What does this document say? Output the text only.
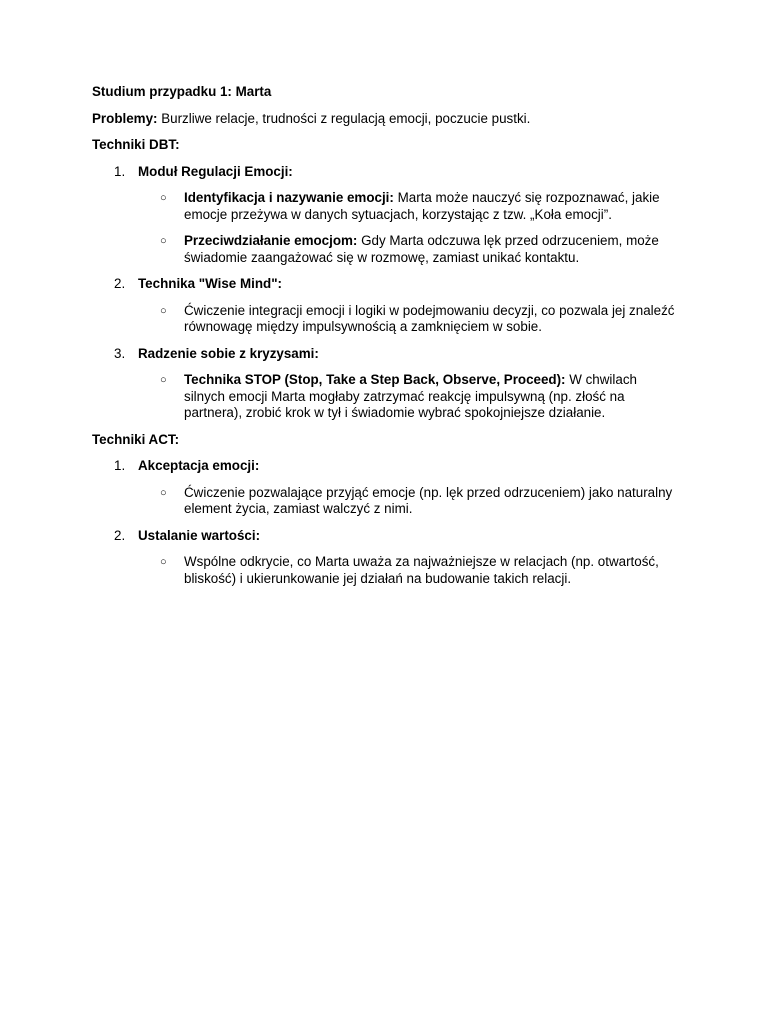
Studium przypadku 1: Marta

Problemy: Burzliwe relacje, trudności z regulacją emocji, poczucie pustki.

Techniki DBT:

1. Moduł Regulacji Emocji:

○ Identyfikacja i nazywanie emocji: Marta może nauczyć się rozpoznawać, jakie emocje przeżywa w danych sytuacjach, korzystając z tzw. „Koła emocji”.

○ Przeciwdziałanie emocjom: Gdy Marta odczuwa lęk przed odrzuceniem, może świadomie zaangażować się w rozmowę, zamiast unikać kontaktu.

2. Technika "Wise Mind":

○ Ćwiczenie integracji emocji i logiki w podejmowaniu decyzji, co pozwala jej znaleźć równowagę między impulsywnością a zamknięciem w sobie.

3. Radzenie sobie z kryzysami:

○ Technika STOP (Stop, Take a Step Back, Observe, Proceed): W chwilach silnych emocji Marta mogłaby zatrzymać reakcję impulsywną (np. złość na partnera), zrobić krok w tył i świadomie wybrać spokojniejsze działanie.

Techniki ACT:

1. Akceptacja emocji:

○ Ćwiczenie pozwalające przyjąć emocje (np. lęk przed odrzuceniem) jako naturalny element życia, zamiast walczyć z nimi.

2. Ustalanie wartości:

○ Wspólne odkrycie, co Marta uważa za najważniejsze w relacjach (np. otwartość, bliskość) i ukierunkowanie jej działań na budowanie takich relacji.
